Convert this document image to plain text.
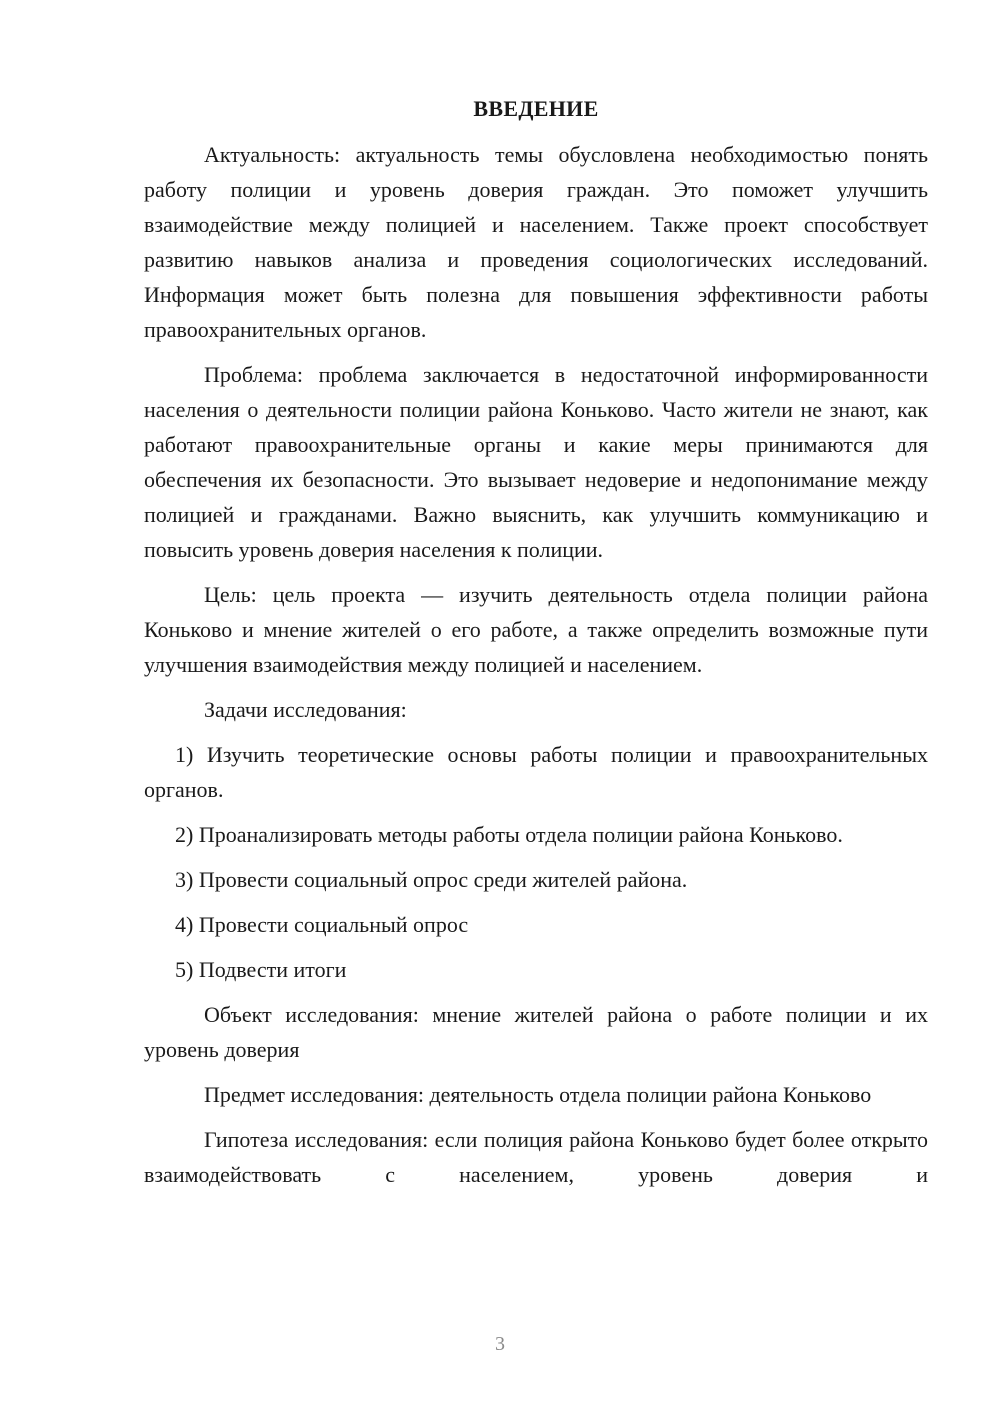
ВВЕДЕНИЕ

Актуальность: актуальность темы обусловлена необходимостью понять работу полиции и уровень доверия граждан. Это поможет улучшить взаимодействие между полицией и населением. Также проект способствует развитию навыков анализа и проведения социологических исследований. Информация может быть полезна для повышения эффективности работы правоохранительных органов.

Проблема: проблема заключается в недостаточной информированности населения о деятельности полиции района Коньково. Часто жители не знают, как работают правоохранительные органы и какие меры принимаются для обеспечения их безопасности. Это вызывает недоверие и недопонимание между полицией и гражданами. Важно выяснить, как улучшить коммуникацию и повысить уровень доверия населения к полиции.

Цель: цель проекта — изучить деятельность отдела полиции района Коньково и мнение жителей о его работе, а также определить возможные пути улучшения взаимодействия между полицией и населением.

Задачи исследования:

1) Изучить теоретические основы работы полиции и правоохранительных органов.

2) Проанализировать методы работы отдела полиции района Коньково.

3) Провести социальный опрос среди жителей района.

4) Провести социальный опрос

5) Подвести итоги

Объект исследования: мнение жителей района о работе полиции и их уровень доверия

Предмет исследования: деятельность отдела полиции района Коньково

Гипотеза исследования: если полиция района Коньково будет более открыто взаимодействовать с населением, уровень доверия и

3
